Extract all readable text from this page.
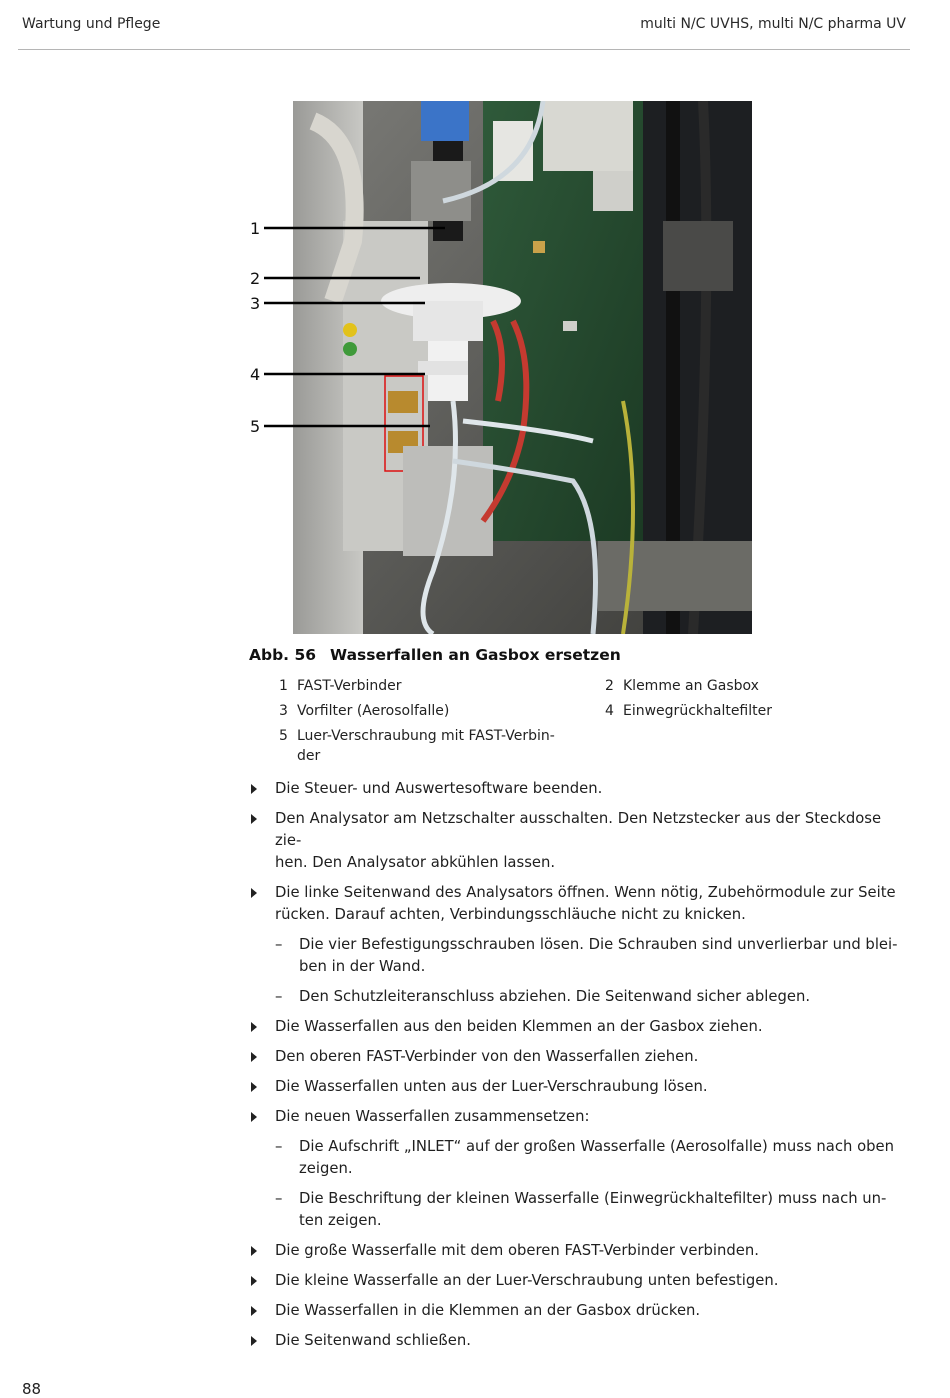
Wartung und Pflege	multi N/C UVHS, multi N/C pharma UV
1
2
3
4
5
Abb. 56 Wasserfallen an Gasbox ersetzen
1 FAST-Verbinder	2 Klemme an Gasbox
3 Vorfilter (Aerosolfalle)	4 Einwegrückhaltefilter
5 Luer-Verschraubung mit FAST-Verbin-
der
Die Steuer- und Auswertesoftware beenden.
Den Analysator am Netzschalter ausschalten. Den Netzstecker aus der Steckdose zie-
hen. Den Analysator abkühlen lassen.
Die linke Seitenwand des Analysators öffnen. Wenn nötig, Zubehörmodule zur Seite
rücken. Darauf achten, Verbindungsschläuche nicht zu knicken.
– Die vier Befestigungsschrauben lösen. Die Schrauben sind unverlierbar und blei-
ben in der Wand.
– Den Schutzleiteranschluss abziehen. Die Seitenwand sicher ablegen.
Die Wasserfallen aus den beiden Klemmen an der Gasbox ziehen.
Den oberen FAST-Verbinder von den Wasserfallen ziehen.
Die Wasserfallen unten aus der Luer-Verschraubung lösen.
Die neuen Wasserfallen zusammensetzen:
– Die Aufschrift „INLET“ auf der großen Wasserfalle (Aerosolfalle) muss nach oben
zeigen.
– Die Beschriftung der kleinen Wasserfalle (Einwegrückhaltefilter) muss nach un-
ten zeigen.
Die große Wasserfalle mit dem oberen FAST-Verbinder verbinden.
Die kleine Wasserfalle an der Luer-Verschraubung unten befestigen.
Die Wasserfallen in die Klemmen an der Gasbox drücken.
Die Seitenwand schließen.
88
